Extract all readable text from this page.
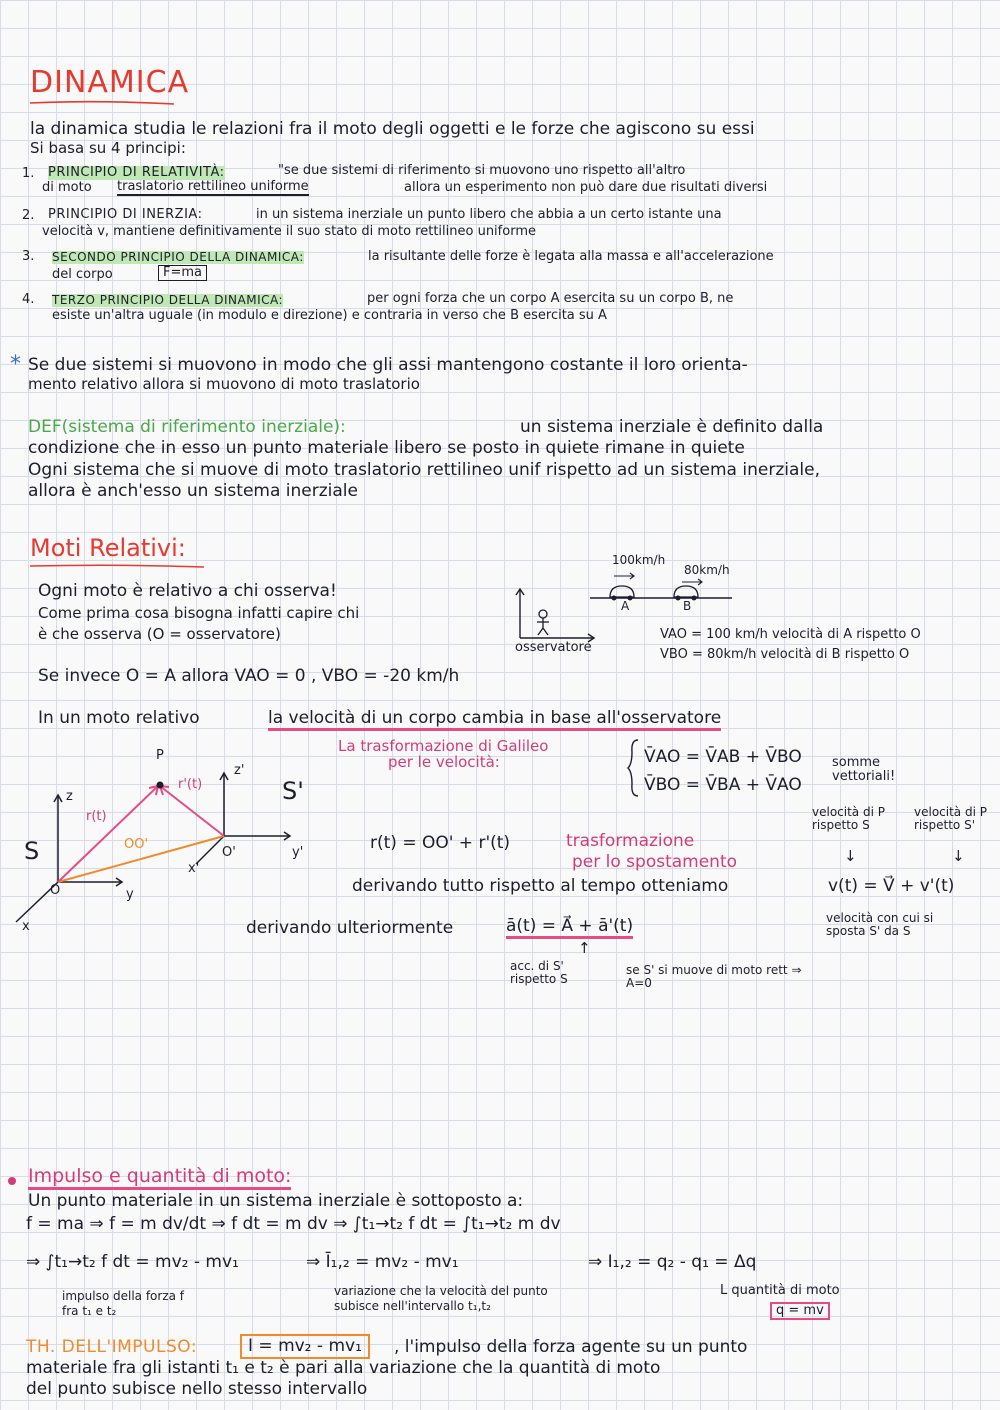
DINAMICA
la dinamica studia le relazioni fra il moto degli oggetti e le forze che agiscono su essi
Si basa su 4 principi:
1. PRINCIPIO DI RELATIVITÀ:	"se due sistemi di riferimento si muovono uno rispetto all'altro
di moto traslatorio rettilineo uniforme	allora un esperimento non può dare due risultati diversi
2. PRINCIPIO DI INERZIA:	in un sistema inerziale un punto libero che abbia a un certo istante una
velocità v, mantiene definitivamente il suo stato di moto rettilineo uniforme
3. SECONDO PRINCIPIO DELLA DINAMICA:	la risultante delle forze è legata alla massa e all'accelerazione
del corpo	F=ma
4. TERZO PRINCIPIO DELLA DINAMICA:	per ogni forza che un corpo A esercita su un corpo B, ne
esiste un'altra uguale (in modulo e direzione) e contraria in verso che B esercita su A
* Se due sistemi si muovono in modo che gli assi mantengono costante il loro orienta-
mento relativo allora si muovono di moto traslatorio
DEF(sistema di riferimento inerziale):	un sistema inerziale è definito dalla
condizione che in esso un punto materiale libero se posto in quiete rimane in quiete
Ogni sistema che si muove di moto traslatorio rettilineo unif rispetto ad un sistema inerziale,
allora è anch'esso un sistema inerziale
Moti Relativi:
Ogni moto è relativo a chi osserva!
Come prima cosa bisogna infatti capire chi
è che osserva (O = osservatore)
osservatore
100km/h
80km/h
A	B
VAO = 100 km/h velocità di A rispetto O
VBO = 80km/h velocità di B rispetto O
Se invece O = A allora VAO = 0 , VBO = -20 km/h
In un moto relativo	la velocità di un corpo cambia in base all'osservatore
La trasformazione di Galileo
per le velocità:	V̄AO = V̄AB + V̄BO
V̄BO = V̄BA + V̄AO
somme vettoriali!
P
r(t)
r'(t)
OO'
z
z'
y
y'
x
x'
O
O'
S
S'
r(t) = OO' + r'(t)	trasformazione
per lo spostamento
velocità di P rispetto S
velocità di P rispetto S'
↓	↓
derivando tutto rispetto al tempo otteniamo	v(t) = V⃗ + v'(t)
velocità con cui si sposta S' da S
derivando ulteriormente	ā(t) = A⃗ + ā'(t)
↑
acc. di S' rispetto S
se S' si muove di moto rett ⇒ A=0
Impulso e quantità di moto:
Un punto materiale in un sistema inerziale è sottoposto a:
f = ma ⇒ f = m dv/dt ⇒ f dt = m dv ⇒ ∫t₁→t₂ f dt = ∫t₁→t₂ m dv
⇒ ∫t₁→t₂ f dt = mv₂ - mv₁	⇒ Ī₁,₂ = mv₂ - mv₁	⇒ I₁,₂ = q₂ - q₁ = Δq
impulso della forza f
fra t₁ e t₂
variazione che la velocità del punto
subisce nell'intervallo t₁,t₂
L quantità di moto
q = mv
TH. DELL'IMPULSO:	I = mv₂ - mv₁	, l'impulso della forza agente su un punto
materiale fra gli istanti t₁ e t₂ è pari alla variazione che la quantità di moto
del punto subisce nello stesso intervallo
